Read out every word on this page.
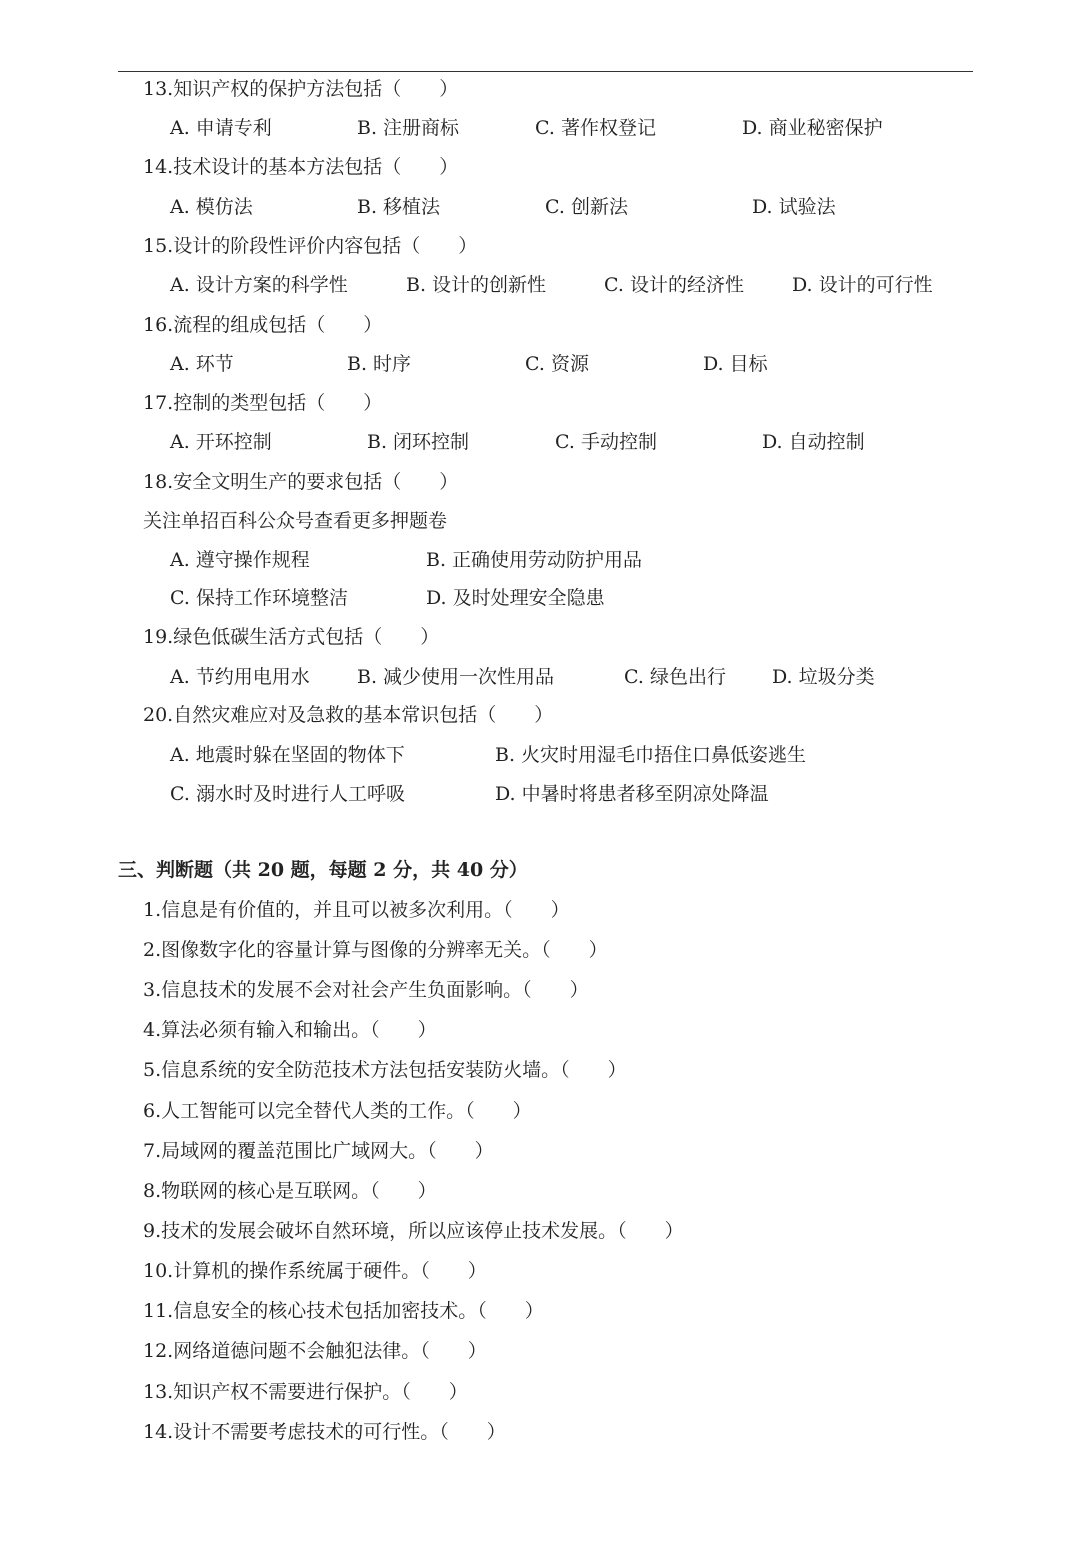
13.知识产权的保护方法包括（　　）
A. 申请专利	B. 注册商标	C. 著作权登记	D. 商业秘密保护
14.技术设计的基本方法包括（　　）
A. 模仿法	B. 移植法	C. 创新法	D. 试验法
15.设计的阶段性评价内容包括（　　）
A. 设计方案的科学性	B. 设计的创新性	C. 设计的经济性	D. 设计的可行性
16.流程的组成包括（　　）
A. 环节	B. 时序	C. 资源	D. 目标
17.控制的类型包括（　　）
A. 开环控制	B. 闭环控制	C. 手动控制	D. 自动控制
18.安全文明生产的要求包括（　　）
关注单招百科公众号查看更多押题卷
A. 遵守操作规程	B. 正确使用劳动防护用品
C. 保持工作环境整洁	D. 及时处理安全隐患
19.绿色低碳生活方式包括（　　）
A. 节约用电用水 B. 减少使用一次性用品	C. 绿色出行 D. 垃圾分类
20.自然灾难应对及急救的基本常识包括（　　）
A. 地震时躲在坚固的物体下	B. 火灾时用湿毛巾捂住口鼻低姿逃生
C. 溺水时及时进行人工呼吸	D. 中暑时将患者移至阴凉处降温
三、判断题（共 20 题，每题 2 分，共 40 分）
1.信息是有价值的，并且可以被多次利用。（　　）
2.图像数字化的容量计算与图像的分辨率无关。（　　）
3.信息技术的发展不会对社会产生负面影响。（　　）
4.算法必须有输入和输出。（　　）
5.信息系统的安全防范技术方法包括安装防火墙。（　　）
6.人工智能可以完全替代人类的工作。（　　）
7.局域网的覆盖范围比广域网大。（　　）
8.物联网的核心是互联网。（　　）
9.技术的发展会破坏自然环境，所以应该停止技术发展。（　　）
10.计算机的操作系统属于硬件。（　　）
11.信息安全的核心技术包括加密技术。（　　）
12.网络道德问题不会触犯法律。（　　）
13.知识产权不需要进行保护。（　　）
14.设计不需要考虑技术的可行性。（　　）
